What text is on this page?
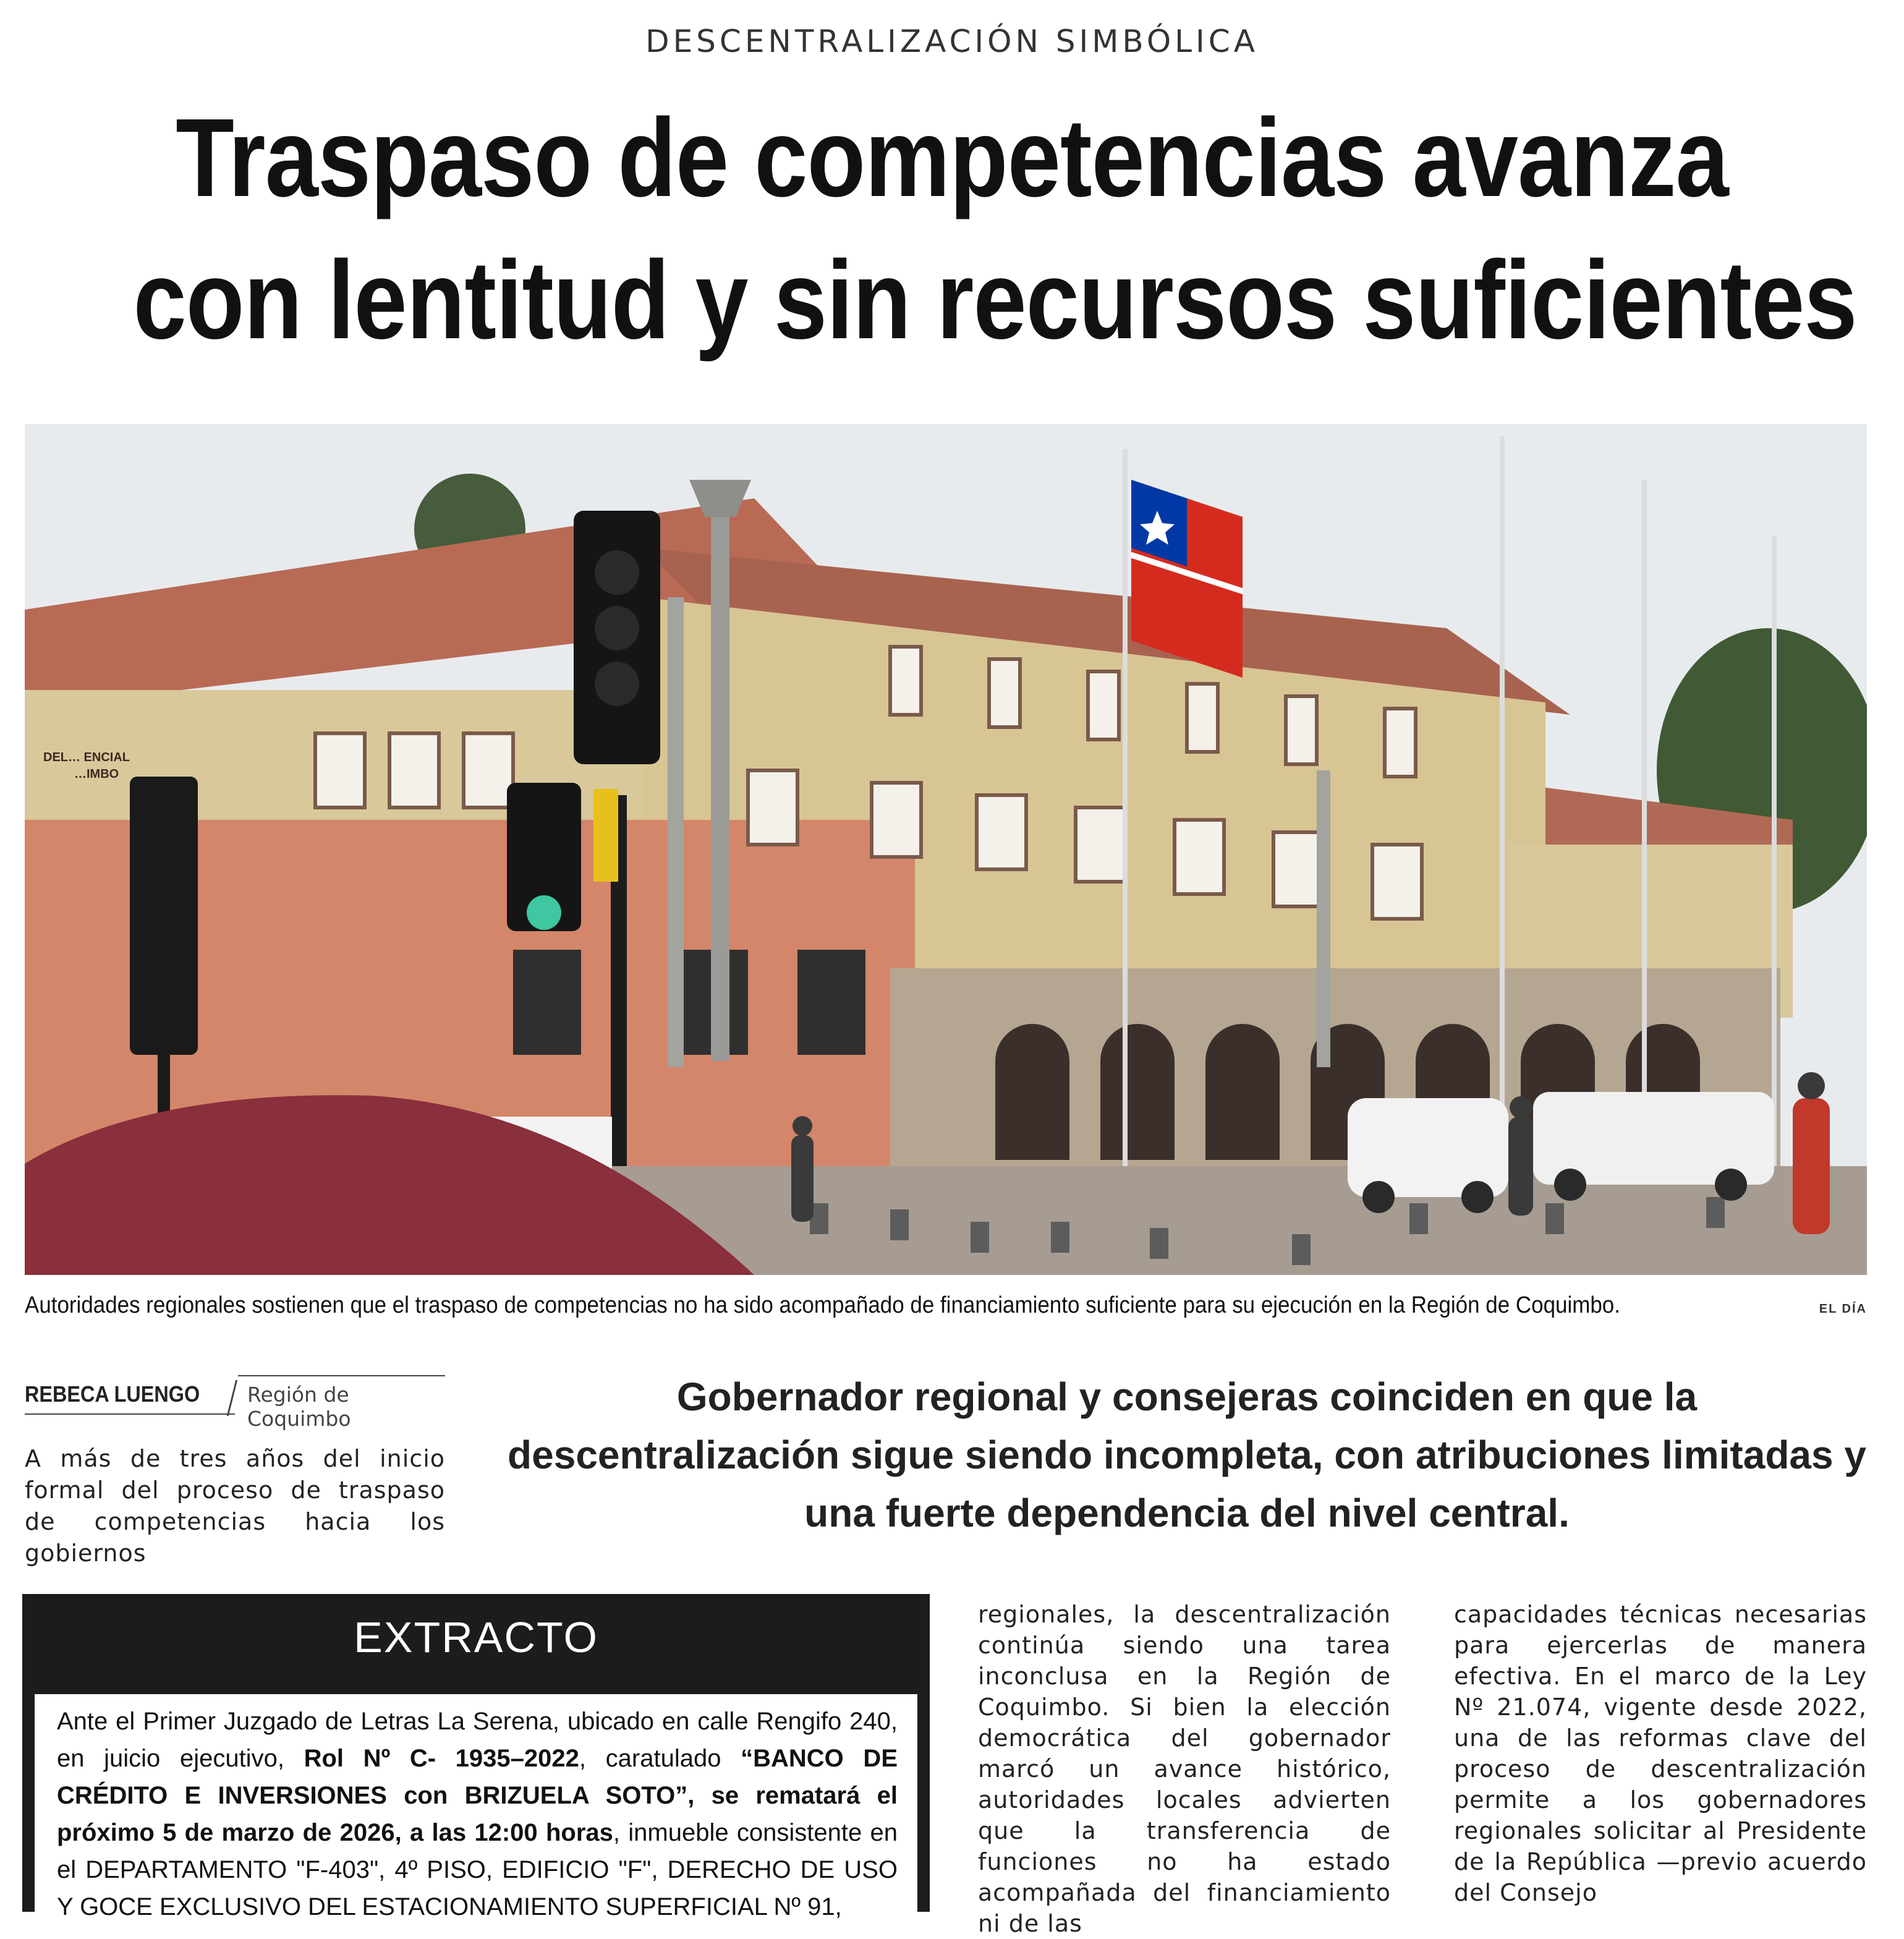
DESCENTRALIZACIÓN SIMBÓLICA
Traspaso de competencias avanza
con lentitud y sin recursos suficientes
DEL… ENCIAL
…IMBO
Autoridades regionales sostienen que el traspaso de competencias no ha sido acompañado de financiamiento suficiente para su ejecución en la Región de Coquimbo.	EL DÍA
REBECA LUENGO Región de Coquimbo
A más de tres años del inicio formal del proceso de traspaso de competencias hacia los gobiernos
Gobernador regional y consejeras coinciden en que la descentralización sigue siendo incompleta, con atribuciones limitadas y una fuerte dependencia del nivel central.
EXTRACTO
Ante el Primer Juzgado de Letras La Serena, ubicado en calle Rengifo 240, en juicio ejecutivo, Rol Nº C- 1935–2022, caratulado “BANCO DE CRÉDITO E INVERSIONES con BRIZUELA SOTO”, se rematará el próximo 5 de marzo de 2026, a las 12:00 horas, inmueble consistente en el DEPARTAMENTO "F-403", 4º PISO, EDIFICIO "F", DERECHO DE USO Y GOCE EXCLUSIVO DEL ESTACIONAMIENTO SUPERFICIAL Nº 91,
regionales, la descentralización continúa siendo una tarea inconclusa en la Región de Coquimbo. Si bien la elección democrática del gobernador marcó un avance histórico, autoridades locales advierten que la transferencia de funciones no ha estado acompañada del financiamiento ni de las
capacidades técnicas necesarias para ejercerlas de manera efectiva. En el marco de la Ley Nº 21.074, vigente desde 2022, una de las reformas clave del proceso de descentralización permite a los gobernadores regionales solicitar al Presidente de la República —previo acuerdo del Consejo
